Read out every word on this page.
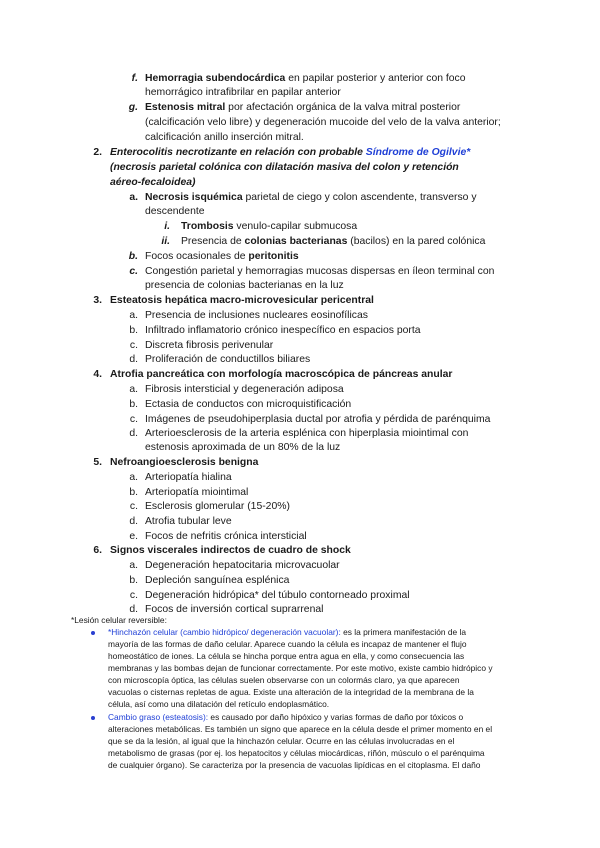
f. Hemorragia subendocárdica en papilar posterior y anterior con foco
hemorrágico intrafibrilar en papilar anterior
g. Estenosis mitral por afectación orgánica de la valva mitral posterior
(calcificación velo libre) y degeneración mucoide del velo de la valva anterior;
calcificación anillo inserción mitral.
2. Enterocolitis necrotizante en relación con probable Síndrome de Ogilvie*
(necrosis parietal colónica con dilatación masiva del colon y retención
aéreo-fecaloidea)
a. Necrosis isquémica parietal de ciego y colon ascendente, transverso y
descendente
i. Trombosis venulo-capilar submucosa
ii. Presencia de colonias bacterianas (bacilos) en la pared colónica
b. Focos ocasionales de peritonitis
c. Congestión parietal y hemorragias mucosas dispersas en íleon terminal con
presencia de colonias bacterianas en la luz
3. Esteatosis hepática macro-microvesicular pericentral
a. Presencia de inclusiones nucleares eosinofílicas
b. Infiltrado inflamatorio crónico inespecífico en espacios porta
c. Discreta fibrosis perivenular
d. Proliferación de conductillos biliares
4. Atrofia pancreática con morfología macroscópica de páncreas anular
a. Fibrosis intersticial y degeneración adiposa
b. Ectasia de conductos con microquistificación
c. Imágenes de pseudohiperplasia ductal por atrofia y pérdida de parénquima
d. Arterioesclerosis de la arteria esplénica con hiperplasia miointimal con
estenosis aproximada de un 80% de la luz
5. Nefroangioesclerosis benigna
a. Arteriopatía hialina
b. Arteriopatía miointimal
c. Esclerosis glomerular (15-20%)
d. Atrofia tubular leve
e. Focos de nefritis crónica intersticial
6. Signos viscerales indirectos de cuadro de shock
a. Degeneración hepatocitaria microvacuolar
b. Depleción sanguínea esplénica
c. Degeneración hidrópica* del túbulo contorneado proximal
d. Focos de inversión cortical suprarrenal
*Lesión celular reversible:
*Hinchazón celular (cambio hidrópico/ degeneración vacuolar): es la primera manifestación de la
mayoría de las formas de daño celular. Aparece cuando la célula es incapaz de mantener el flujo
homeostático de iones. La célula se hincha porque entra agua en ella, y como consecuencia las
membranas y las bombas dejan de funcionar correctamente. Por este motivo, existe cambio hidrópico y
con microscopía óptica, las células suelen observarse con un colormás claro, ya que aparecen
vacuolas o cisternas repletas de agua. Existe una alteración de la integridad de la membrana de la
célula, así como una dilatación del retículo endoplasmático.
Cambio graso (esteatosis): es causado por daño hipóxico y varias formas de daño por tóxicos o
alteraciones metabólicas. Es también un signo que aparece en la célula desde el primer momento en el
que se da la lesión, al igual que la hinchazón celular. Ocurre en las células involucradas en el
metabolismo de grasas (por ej. los hepatocitos y células miocárdicas, riñón, músculo o el parénquima
de cualquier órgano). Se caracteriza por la presencia de vacuolas lipídicas en el citoplasma. El daño
